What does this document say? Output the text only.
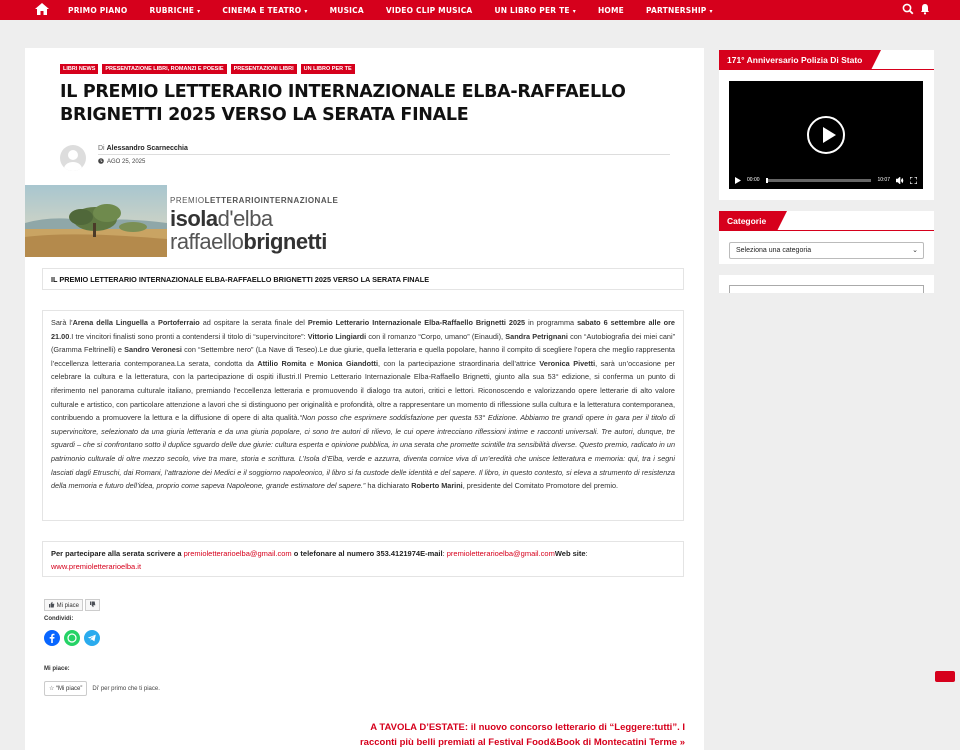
PRIMO PIANO	RUBRICHE ▾	CINEMA E TEATRO ▾	MUSICA	VIDEO CLIP MUSICA	UN LIBRO PER TE ▾	HOME	PARTNERSHIP ▾
LIBRI NEWS	PRESENTAZIONE LIBRI, ROMANZI E POESIE	PRESENTAZIONI LIBRI	UN LIBRO PER TE
IL PREMIO LETTERARIO INTERNAZIONALE ELBA-RAFFAELLO BRIGNETTI 2025 VERSO LA SERATA FINALE
Di Alessandro Scarnecchia
AGO 25, 2025
PREMIOLETTERARIOINTERNAZIONALE
isolad'elba
raffaellobrignetti
IL PREMIO LETTERARIO INTERNAZIONALE ELBA-RAFFAELLO BRIGNETTI 2025 VERSO LA SERATA FINALE

Sarà l’Arena della Linguella a Portoferraio ad ospitare la serata finale del Premio Letterario Internazionale Elba-Raffaello Brignetti 2025 in programma sabato 6 settembre alle ore 21.00.I tre vincitori finalisti sono pronti a contendersi il titolo di “supervincitore”: Vittorio Lingiardi con il romanzo “Corpo, umano” (Einaudi), Sandra Petrignani con “Autobiografia dei miei cani” (Gramma Feltrinelli) e Sandro Veronesi con “Settembre nero” (La Nave di Teseo).Le due giurie, quella letteraria e quella popolare, hanno il compito di scegliere l’opera che meglio rappresenta l’eccellenza letteraria contemporanea.La serata, condotta da Attilio Romita e Monica Giandotti, con la partecipazione straordinaria dell’attrice Veronica Pivetti, sarà un’occasione per celebrare la cultura e la letteratura, con la partecipazione di ospiti illustri.Il Premio Letterario Internazionale Elba-Raffaello Brignetti, giunto alla sua 53° edizione, si conferma un punto di riferimento nel panorama culturale italiano, premiando l’eccellenza letteraria e promuovendo il dialogo tra autori, critici e lettori. Riconoscendo e valorizzando opere letterarie di alto valore culturale e artistico, con particolare attenzione a lavori che si distinguono per originalità e profondità, oltre a rappresentare un momento di riflessione sulla cultura e la letteratura contemporanea, contribuendo a promuovere la lettura e la diffusione di opere di alta qualità.“Non posso che esprimere soddisfazione per questa 53° Edizione. Abbiamo tre grandi opere in gara per il titolo di supervincitore, selezionato da una giuria letteraria e da una giuria popolare, ci sono tre autori di rilievo, le cui opere intrecciano riflessioni intime e racconti universali. Tre autori, dunque, tre sguardi – che si confrontano sotto il duplice sguardo delle due giurie: cultura esperta e opinione pubblica, in una serata che promette scintille tra sensibilità diverse. Questo premio, radicato in un patrimonio culturale di oltre mezzo secolo, vive tra mare, storia e scrittura. L’Isola d’Elba, verde e azzurra, diventa cornice viva di un’eredità che unisce letteratura e memoria: qui, tra i segni lasciati dagli Etruschi, dai Romani, l’attrazione dei Medici e il soggiorno napoleonico, il libro si fa custode delle identità e del sapere. Il libro, in questo contesto, si eleva a strumento di resistenza della memoria e futuro dell’idea, proprio come sapeva Napoleone, grande estimatore del sapere.” ha dichiarato Roberto Marini, presidente del Comitato Promotore del premio.

Per partecipare alla serata scrivere a premioletterarioelba@gmail.com o telefonare al numero 353.4121974E-mail: premioletterarioelba@gmail.comWeb site: www.premioletterarioelba.it

Mi piace
Condividi:
Mi piace:
☆ “Mi piace”	Di’ per primo che ti piace.
A TAVOLA D’ESTATE: il nuovo concorso letterario di “Leggere:tutti”. I racconti più belli premiati al Festival Food&Book di Montecatini Terme »
171° Anniversario Polizia Di Stato
00:00	10:07
Categorie
Seleziona una categoria	⌄
